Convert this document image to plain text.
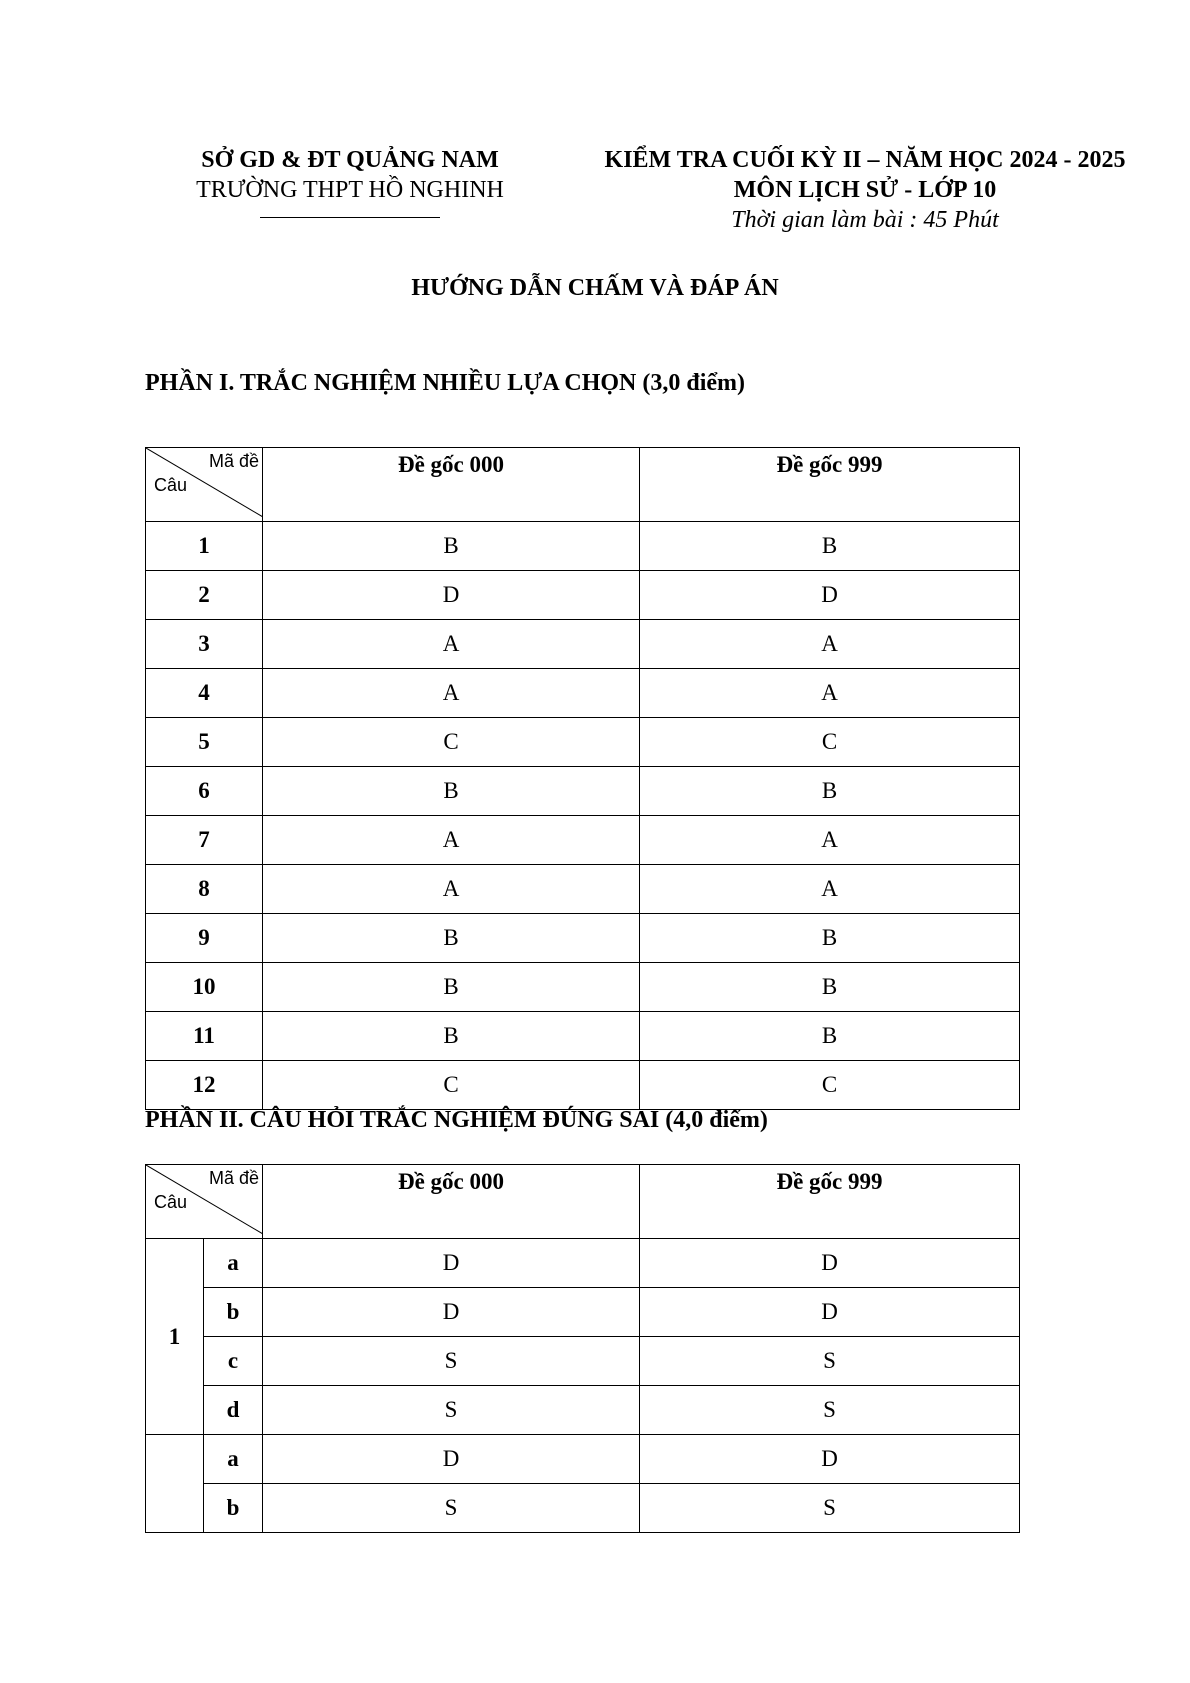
SỞ GD & ĐT QUẢNG NAM
TRƯỜNG THPT HỒ NGHINH
KIỂM TRA CUỐI KỲ II – NĂM HỌC 2024 - 2025
MÔN LỊCH SỬ - LỚP 10
Thời gian làm bài : 45 Phút
HƯỚNG DẪN CHẤM VÀ ĐÁP ÁN
PHẦN I. TRẮC NGHIỆM NHIỀU LỰA CHỌN (3,0 điểm)
Mã đề
Câu	Đề gốc 000	Đề gốc 999
1	B	B
2	D	D
3	A	A
4	A	A
5	C	C
6	B	B
7	A	A
8	A	A
9	B	B
10	B	B
11	B	B
12	C	C
PHẦN II. CÂU HỎI TRẮC NGHIỆM ĐÚNG SAI (4,0 điểm)
Mã đề
Câu		Đề gốc 000	Đề gốc 999
1	a	D	D
	b	D	D
	c	S	S
	d	S	S
	a	D	D
	b	S	S
